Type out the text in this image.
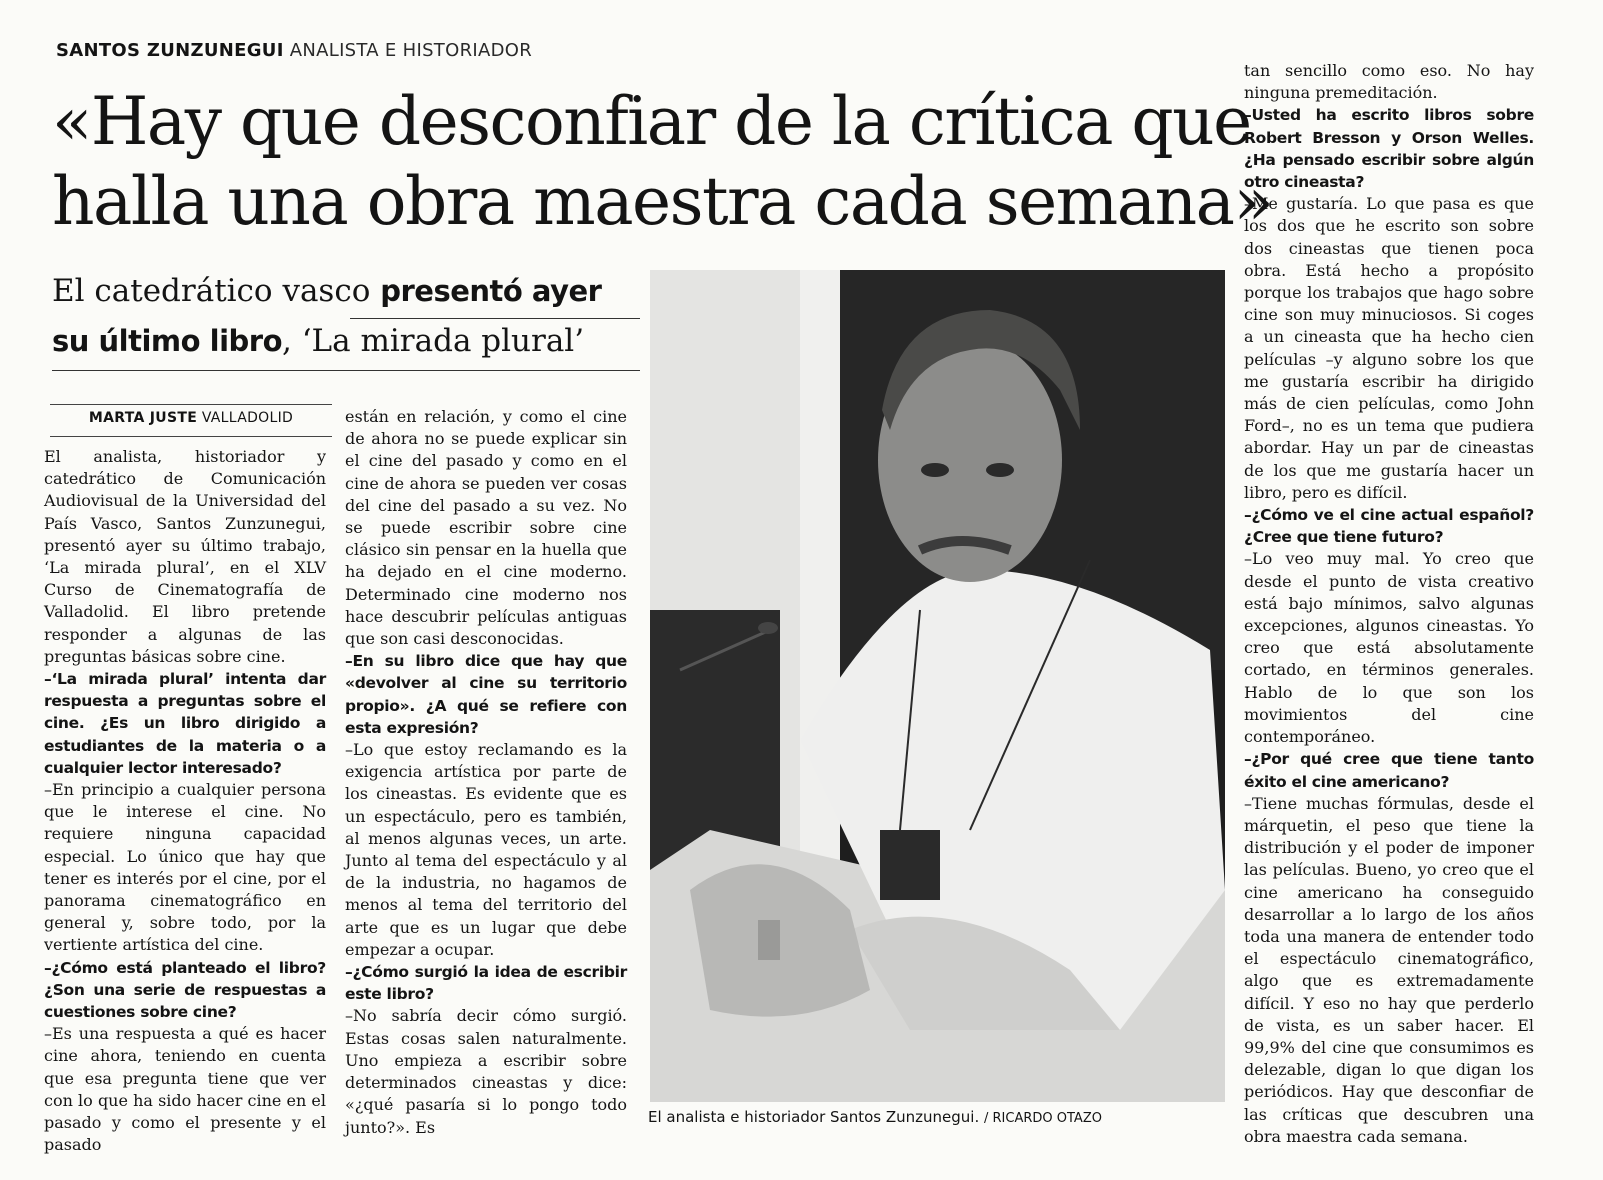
SANTOS ZUNZUNEGUI ANALISTA E HISTORIADOR
«Hay que desconfiar de la crítica que
halla una obra maestra cada semana»
El catedrático vasco presentó ayer
su último libro, ‘La mirada plural’
MARTA JUSTE VALLADOLID

El analista, historiador y catedrático de Comunicación Audiovisual de la Universidad del País Vasco, Santos Zunzunegui, presentó ayer su último trabajo, ‘La mirada plural’, en el XLV Curso de Cinematografía de Valladolid. El libro pretende responder a algunas de las preguntas básicas sobre cine.

–‘La mirada plural’ intenta dar respuesta a preguntas sobre el cine. ¿Es un libro dirigido a estudiantes de la materia o a cualquier lector interesado?

–En principio a cualquier persona que le interese el cine. No requiere ninguna capacidad especial. Lo único que hay que tener es interés por el cine, por el panorama cinematográfico en general y, sobre todo, por la vertiente artística del cine.

–¿Cómo está planteado el libro? ¿Son una serie de respuestas a cuestiones sobre cine?

–Es una respuesta a qué es hacer cine ahora, teniendo en cuenta que esa pregunta tiene que ver con lo que ha sido hacer cine en el pasado y como el presente y el pasado

están en relación, y como el cine de ahora no se puede explicar sin el cine del pasado y como en el cine de ahora se pueden ver cosas del cine del pasado a su vez. No se puede escribir sobre cine clásico sin pensar en la huella que ha dejado en el cine moderno. Determinado cine moderno nos hace descubrir películas antiguas que son casi desconocidas.

–En su libro dice que hay que «devolver al cine su territorio propio». ¿A qué se refiere con esta expresión?

–Lo que estoy reclamando es la exigencia artística por parte de los cineastas. Es evidente que es un espectáculo, pero es también, al menos algunas veces, un arte. Junto al tema del espectáculo y al de la industria, no hagamos de menos al tema del territorio del arte que es un lugar que debe empezar a ocupar.

–¿Cómo surgió la idea de escribir este libro?

–No sabría decir cómo surgió. Estas cosas salen naturalmente. Uno empieza a escribir sobre determinados cineastas y dice: «¿qué pasaría si lo pongo todo junto?». Es

tan sencillo como eso. No hay ninguna premeditación.

–Usted ha escrito libros sobre Robert Bresson y Orson Welles. ¿Ha pensado escribir sobre algún otro cineasta?

–Me gustaría. Lo que pasa es que los dos que he escrito son sobre dos cineastas que tienen poca obra. Está hecho a propósito porque los trabajos que hago sobre cine son muy minuciosos. Si coges a un cineasta que ha hecho cien películas –y alguno sobre los que me gustaría escribir ha dirigido más de cien películas, como John Ford–, no es un tema que pudiera abordar. Hay un par de cineastas de los que me gustaría hacer un libro, pero es difícil.

–¿Cómo ve el cine actual español? ¿Cree que tiene futuro?

–Lo veo muy mal. Yo creo que desde el punto de vista creativo está bajo mínimos, salvo algunas excepciones, algunos cineastas. Yo creo que está absolutamente cortado, en términos generales. Hablo de lo que son los movimientos del cine contemporáneo.

–¿Por qué cree que tiene tanto éxito el cine americano?

–Tiene muchas fórmulas, desde el márquetin, el peso que tiene la distribución y el poder de imponer las películas. Bueno, yo creo que el cine americano ha conseguido desarrollar a lo largo de los años toda una manera de entender todo el espectáculo cinematográfico, algo que es extremadamente difícil. Y eso no hay que perderlo de vista, es un saber hacer. El 99,9% del cine que consumimos es delezable, digan lo que digan los periódicos. Hay que desconfiar de las críticas que descubren una obra maestra cada semana.

El analista e historiador Santos Zunzunegui. / RICARDO OTAZO
